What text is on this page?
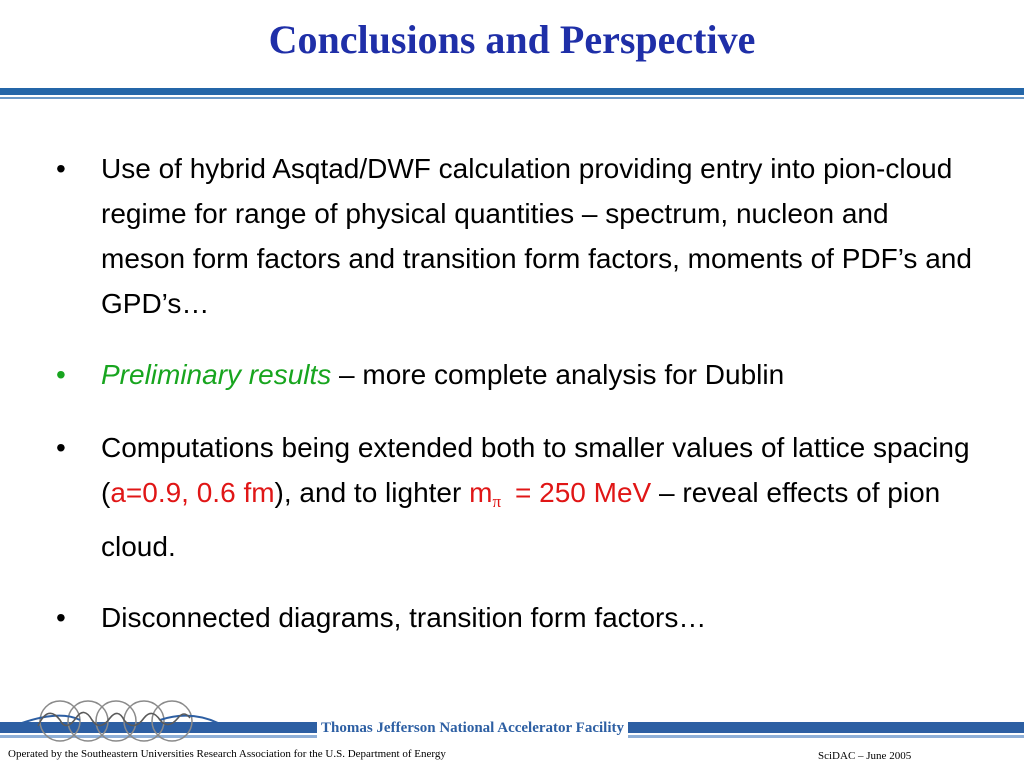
Conclusions and Perspective
•	Use of hybrid Asqtad/DWF calculation providing entry into pion-cloud regime for range of physical quantities – spectrum, nucleon and meson form factors and transition form factors, moments of PDF’s and GPD’s…
•	Preliminary results – more complete analysis for Dublin
•	Computations being extended both to smaller values of lattice spacing (a=0.9, 0.6 fm), and to lighter $m_\pi = 250$ MeV – reveal effects of pion cloud.
•	Disconnected diagrams, transition form factors…
Thomas Jefferson National Accelerator Facility
Operated by the Southeastern Universities Research Association for the U.S. Department of Energy	SciDAC – June 2005
